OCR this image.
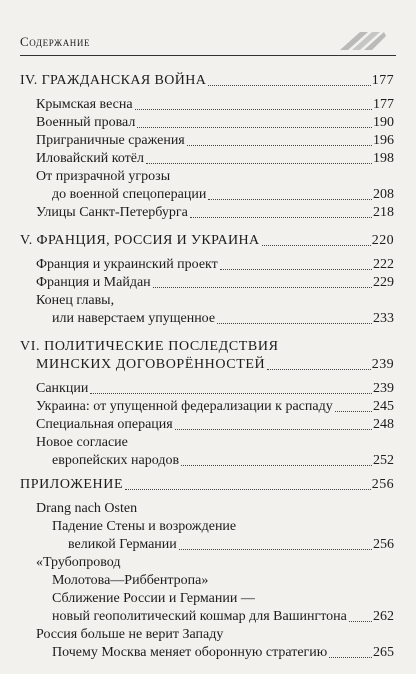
Содержание
IV. ГРАЖДАНСКАЯ ВОЙНА	177
Крымская весна	177
Военный провал	190
Приграничные сражения	196
Иловайский котёл	198
От призрачной угрозы
до военной спецоперации	208
Улицы Санкт-Петербурга	218
V. ФРАНЦИЯ, РОССИЯ И УКРАИНА	220
Франция и украинский проект	222
Франция и Майдан	229
Конец главы,
или наверстаем упущенное	233
VI. ПОЛИТИЧЕСКИЕ ПОСЛЕДСТВИЯ
МИНСКИХ ДОГОВОРЁННОСТЕЙ	239
Санкции	239
Украина: от упущенной федерализации к распаду	245
Специальная операция	248
Новое согласие
европейских народов	252
ПРИЛОЖЕНИЕ	256
Drang nach Osten
Падение Стены и возрождение
великой Германии	256
«Трубопровод
Молотова—Риббентропа»
Сближение России и Германии —
новый геополитический кошмар для Вашингтона 262
Россия больше не верит Западу
Почему Москва меняет оборонную стратегию	265
